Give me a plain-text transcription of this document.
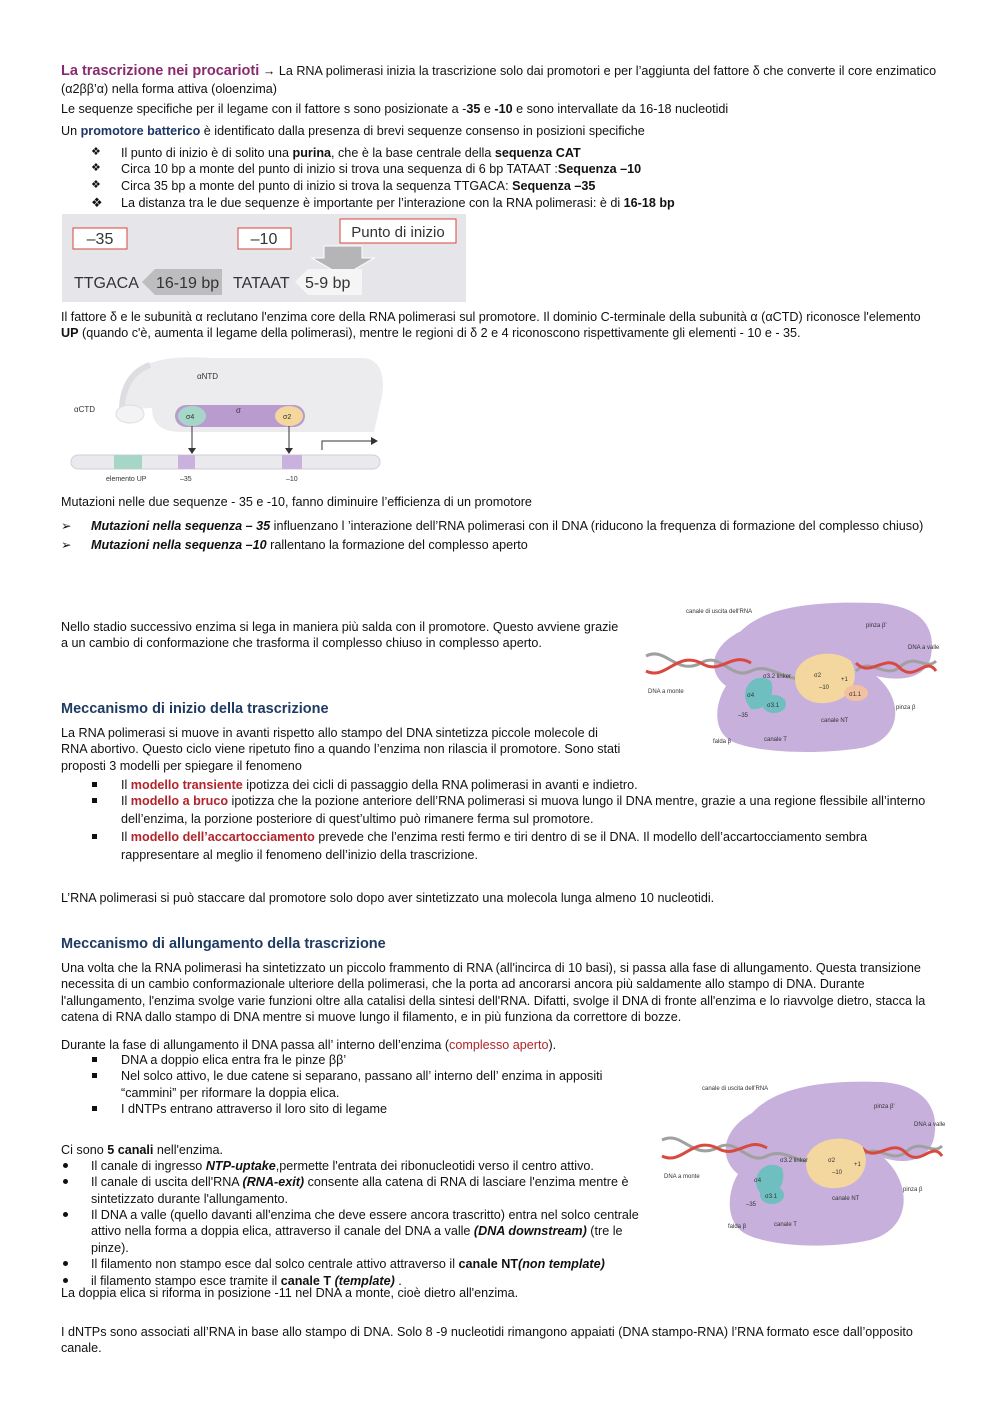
La trascrizione nei procarioti → La RNA polimerasi inizia la trascrizione solo dai promotori e per l’aggiunta del fattore δ che converte il core enzimatico (α2ββ’α) nella forma attiva (oloenzima)
Le sequenze specifiche per il legame con il fattore s sono posizionate a -35 e -10 e sono intervallate da 16-18 nucleotidi
Un promotore batterico è identificato dalla presenza di brevi sequenze consenso in posizioni specifiche
❖ Il punto di inizio è di solito una purina, che è la base centrale della sequenza CAT
❖ Circa 10 bp a monte del punto di inizio si trova una sequenza di 6 bp TATAAT :Sequenza –10
❖ Circa 35 bp a monte del punto di inizio si trova la sequenza TTGACA: Sequenza –35
❖ La distanza tra le due sequenze è importante per l’interazione con la RNA polimerasi: è di 16-18 bp
–35	–10	Punto di inizio
TTGACA 16-19 bp TATAAT 5-9 bp
Il fattore δ e le subunità α reclutano l'enzima core della RNA polimerasi sul promotore. Il dominio C-terminale della subunità α (αCTD) riconosce l'elemento UP (quando c'è, aumenta il legame della polimerasi), mentre le regioni di δ 2 e 4 riconoscono rispettivamente gli elementi - 10 e - 35.
αNTD
αCTD
σ4
σ
σ2
elemento UP	–35	–10
Mutazioni nelle due sequenze - 35 e -10, fanno diminuire l’efficienza di un promotore
➢ Mutazioni nella sequenza – 35 influenzano l ’interazione dell’RNA polimerasi con il DNA (riducono la frequenza di formazione del complesso chiuso)
➢ Mutazioni nella sequenza –10 rallentano la formazione del complesso aperto
Nello stadio successivo enzima si lega in maniera più salda con il promotore. Questo avviene grazie a un cambio di conformazione che trasforma il complesso chiuso in complesso aperto.
canale di uscita dell'RNA
pinza β'
DNA a monte
DNA a valle
σ3.2 linker	σ2
–10
+1
σ4
–35
σ3.1
σ1.1
pinza β
canale NT
falda β	canale T
Meccanismo di inizio della trascrizione
La RNA polimerasi si muove in avanti rispetto allo stampo del DNA sintetizza piccole molecole di RNA abortivo. Questo ciclo viene ripetuto fino a quando l’enzima non rilascia il promotore. Sono stati proposti 3 modelli per spiegare il fenomeno
Il modello transiente ipotizza dei cicli di passaggio della RNA polimerasi in avanti e indietro.
Il modello a bruco ipotizza che la pozione anteriore dell’RNA polimerasi si muova lungo il DNA mentre, grazie a una regione flessibile all’interno dell’enzima, la porzione posteriore di quest’ultimo può rimanere ferma sul promotore.
Il modello dell’accartocciamento prevede che l’enzima resti fermo e tiri dentro di se il DNA. Il modello dell’accartocciamento sembra rappresentare al meglio il fenomeno dell’inizio della trascrizione.
L’RNA polimerasi si può staccare dal promotore solo dopo aver sintetizzato una molecola lunga almeno 10 nucleotidi.
Meccanismo di allungamento della trascrizione
Una volta che la RNA polimerasi ha sintetizzato un piccolo frammento di RNA (all'incirca di 10 basi), si passa alla fase di allungamento. Questa transizione necessita di un cambio conformazionale ulteriore della polimerasi, che la porta ad ancorarsi ancora più saldamente allo stampo di DNA. Durante l'allungamento, l'enzima svolge varie funzioni oltre alla catalisi della sintesi dell'RNA. Difatti, svolge il DNA di fronte all'enzima e lo riavvolge dietro, stacca la catena di RNA dallo stampo di DNA mentre si muove lungo il filamento, e in più funziona da correttore di bozze.
Durante la fase di allungamento il DNA passa all’ interno dell’enzima (complesso aperto).
DNA a doppio elica entra fra le pinze ββ’
Nel solco attivo, le due catene si separano, passano all’ interno dell’ enzima in appositi “cammini” per riformare la doppia elica.
I dNTPs entrano attraverso il loro sito di legame
canale di uscita dell'RNA
pinza β'
DNA a monte
DNA a valle
σ3.2 linker	σ2
–10
+1
σ4
–35
σ3.1
pinza β
canale NT
falda β	canale T
Ci sono 5 canali nell'enzima.
Il canale di ingresso NTP-uptake,permette l'entrata dei ribonucleotidi verso il centro attivo.
Il canale di uscita dell'RNA (RNA-exit) consente alla catena di RNA di lasciare l'enzima mentre è sintetizzato durante l'allungamento.
Il DNA a valle (quello davanti all'enzima che deve essere ancora trascritto) entra nel solco centrale attivo nella forma a doppia elica, attraverso il canale del DNA a valle (DNA downstream) (tre le pinze).
Il filamento non stampo esce dal solco centrale attivo attraverso il canale NT(non template)
il filamento stampo esce tramite il canale T (template) .
La doppia elica si riforma in posizione -11 nel DNA a monte, cioè dietro all'enzima.
I dNTPs sono associati all’RNA in base allo stampo di DNA. Solo 8 -9 nucleotidi rimangono appaiati (DNA stampo-RNA) l’RNA formato esce dall’opposito canale.
